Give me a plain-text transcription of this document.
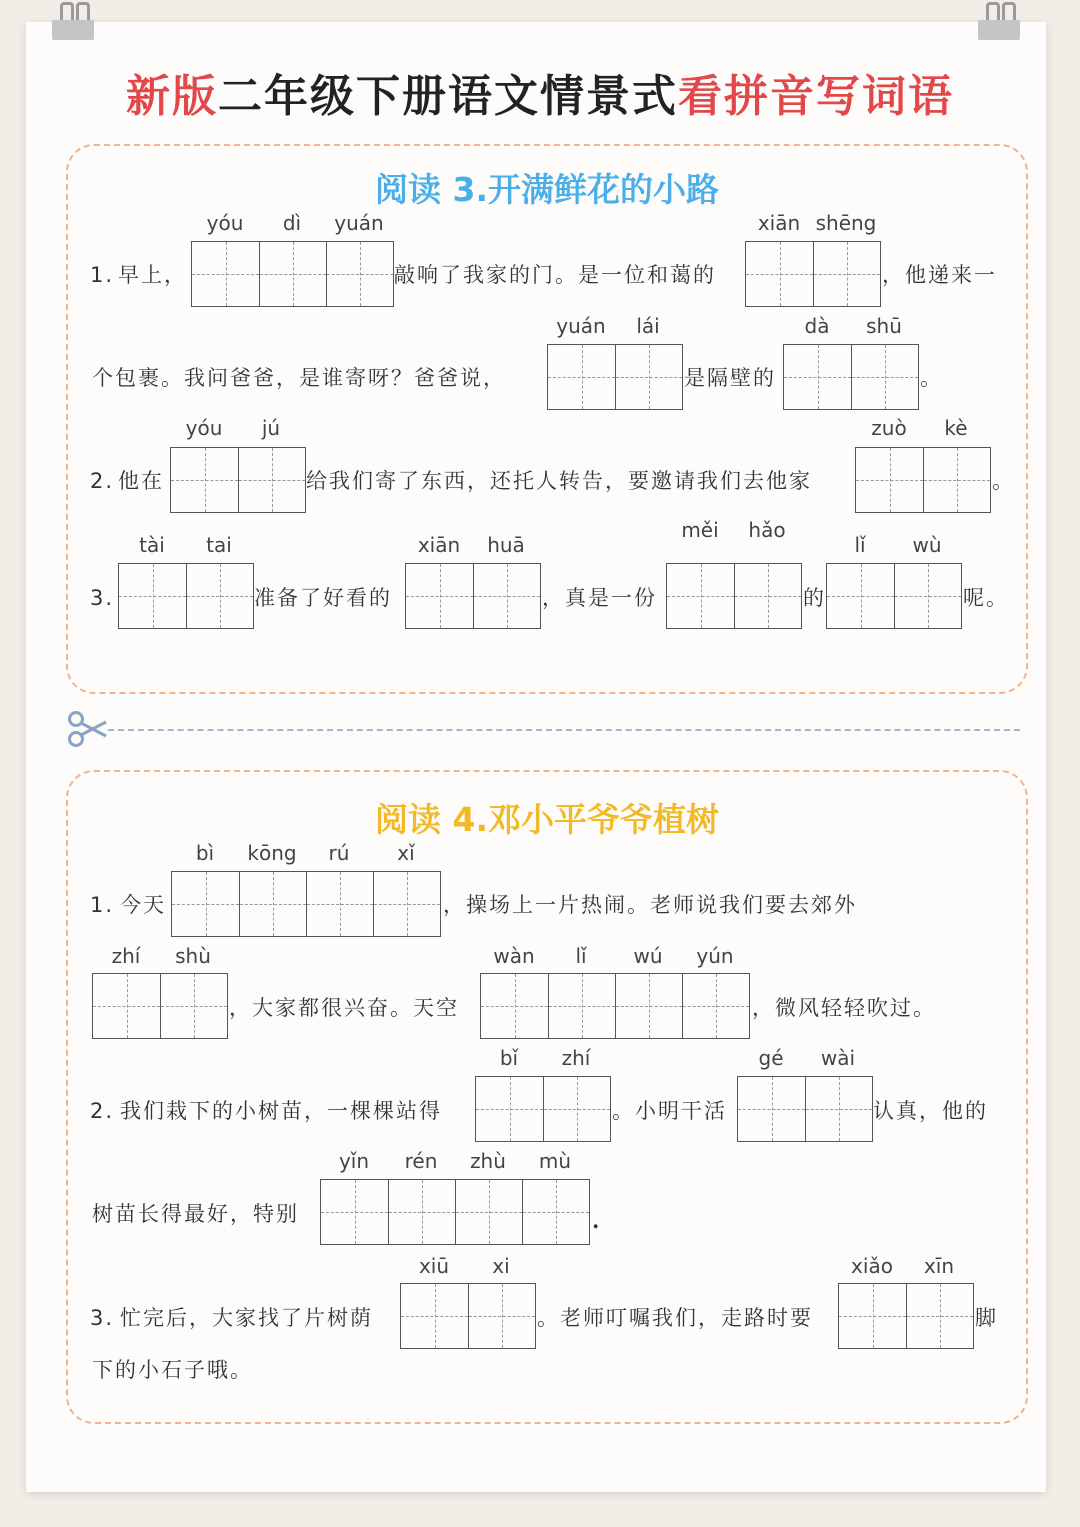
新版二年级下册语文情景式看拼音写词语
阅读 3.开满鲜花的小路
1. 早上，
yóu	dì	yuán
敲响了我家的门。是一位和蔼的
xiān shēng
，他递来一
个包裹。我问爸爸，是谁寄呀？爸爸说，
yuán	lái
是隔壁的
dà	shū
。
2. 他在
yóu	jú
给我们寄了东西，还托人转告，要邀请我们去他家
zuò	kè
。
3.
tài	tai
准备了好看的
xiān	huā
，真是一份
měi	hǎo
的
lǐ	wù
呢。
阅读 4.邓小平爷爷植树
1. 今天
bì	kōng	rú	xǐ
，操场上一片热闹。老师说我们要去郊外
zhí	shù
，大家都很兴奋。天空
wàn	lǐ	wú	yún
，微风轻轻吹过。
2. 我们栽下的小树苗，一棵棵站得
bǐ	zhí
。小明干活
gé	wài
认真，他的
树苗长得最好，特别
yǐn	rén	zhù	mù
.
3. 忙完后，大家找了片树荫
xiū	xi
。老师叮嘱我们，走路时要
xiǎo	xīn
脚
下的小石子哦。
